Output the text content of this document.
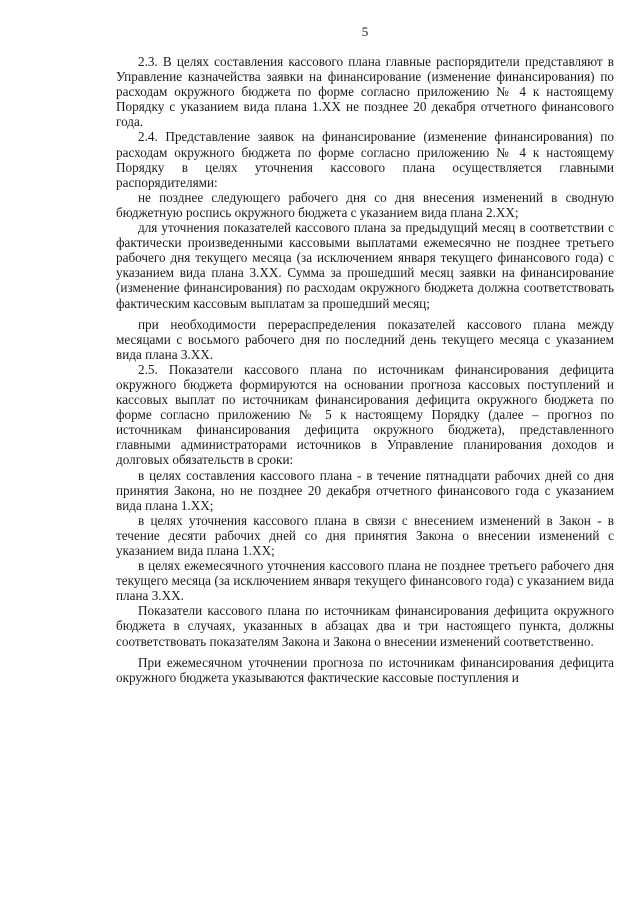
5

2.3. В целях составления кассового плана главные распорядители представляют в Управление казначейства заявки на финансирование (изменение финансирования) по расходам окружного бюджета по форме согласно приложению № 4 к настоящему Порядку с указанием вида плана 1.XX не позднее 20 декабря отчетного финансового года.

2.4. Представление заявок на финансирование (изменение финансирования) по расходам окружного бюджета по форме согласно приложению № 4 к настоящему Порядку в целях уточнения кассового плана осуществляется главными распорядителями:

не позднее следующего рабочего дня со дня внесения изменений в сводную бюджетную роспись окружного бюджета с указанием вида плана 2.XX;

для уточнения показателей кассового плана за предыдущий месяц в соответствии с фактически произведенными кассовыми выплатами ежемесячно не позднее третьего рабочего дня текущего месяца (за исключением января текущего финансового года) с указанием вида плана 3.XX. Сумма за прошедший месяц заявки на финансирование (изменение финансирования) по расходам окружного бюджета должна соответствовать фактическим кассовым выплатам за прошедший месяц;

при необходимости перераспределения показателей кассового плана между месяцами с восьмого рабочего дня по последний день текущего месяца с указанием вида плана 3.XX.

2.5. Показатели кассового плана по источникам финансирования дефицита окружного бюджета формируются на основании прогноза кассовых поступлений и кассовых выплат по источникам финансирования дефицита окружного бюджета по форме согласно приложению № 5 к настоящему Порядку (далее – прогноз по источникам финансирования дефицита окружного бюджета), представленного главными администраторами источников в Управление планирования доходов и долговых обязательств в сроки:

в целях составления кассового плана - в течение пятнадцати рабочих дней со дня принятия Закона, но не позднее 20 декабря отчетного финансового года с указанием вида плана 1.XX;

в целях уточнения кассового плана в связи с внесением изменений в Закон - в течение десяти рабочих дней со дня принятия Закона о внесении изменений с указанием вида плана 1.XX;

в целях ежемесячного уточнения кассового плана не позднее третьего рабочего дня текущего месяца (за исключением января текущего финансового года) с указанием вида плана 3.XX.

Показатели кассового плана по источникам финансирования дефицита окружного бюджета в случаях, указанных в абзацах два и три настоящего пункта, должны соответствовать показателям Закона и Закона о внесении изменений соответственно.

При ежемесячном уточнении прогноза по источникам финансирования дефицита окружного бюджета указываются фактические кассовые поступления и
